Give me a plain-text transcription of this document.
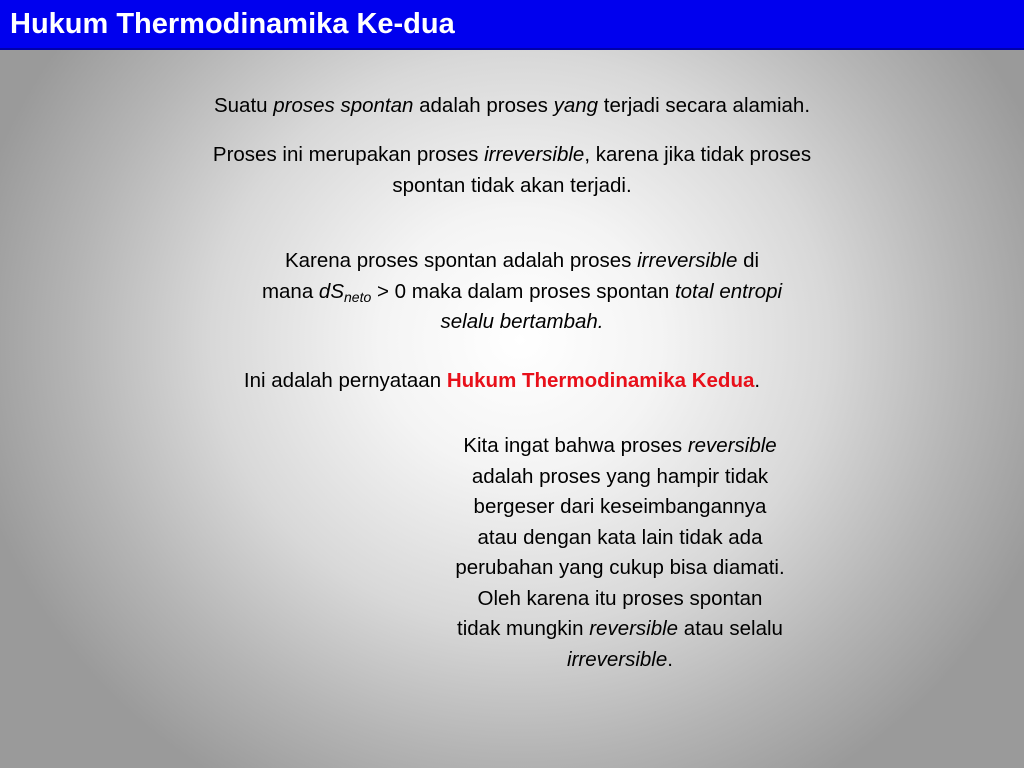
Hukum Thermodinamika Ke-dua

Suatu proses spontan adalah proses yang terjadi secara alamiah.

Proses ini merupakan proses irreversible, karena jika tidak proses
spontan tidak akan terjadi.

Karena proses spontan adalah proses irreversible di
mana $dS_{neto} > 0$ maka dalam proses spontan total entropi
selalu bertambah.

Ini adalah pernyataan Hukum Thermodinamika Kedua.

Kita ingat bahwa proses reversible
adalah proses yang hampir tidak
bergeser dari keseimbangannya
atau dengan kata lain tidak ada
perubahan yang cukup bisa diamati.
Oleh karena itu proses spontan
tidak mungkin reversible atau selalu
irreversible.
